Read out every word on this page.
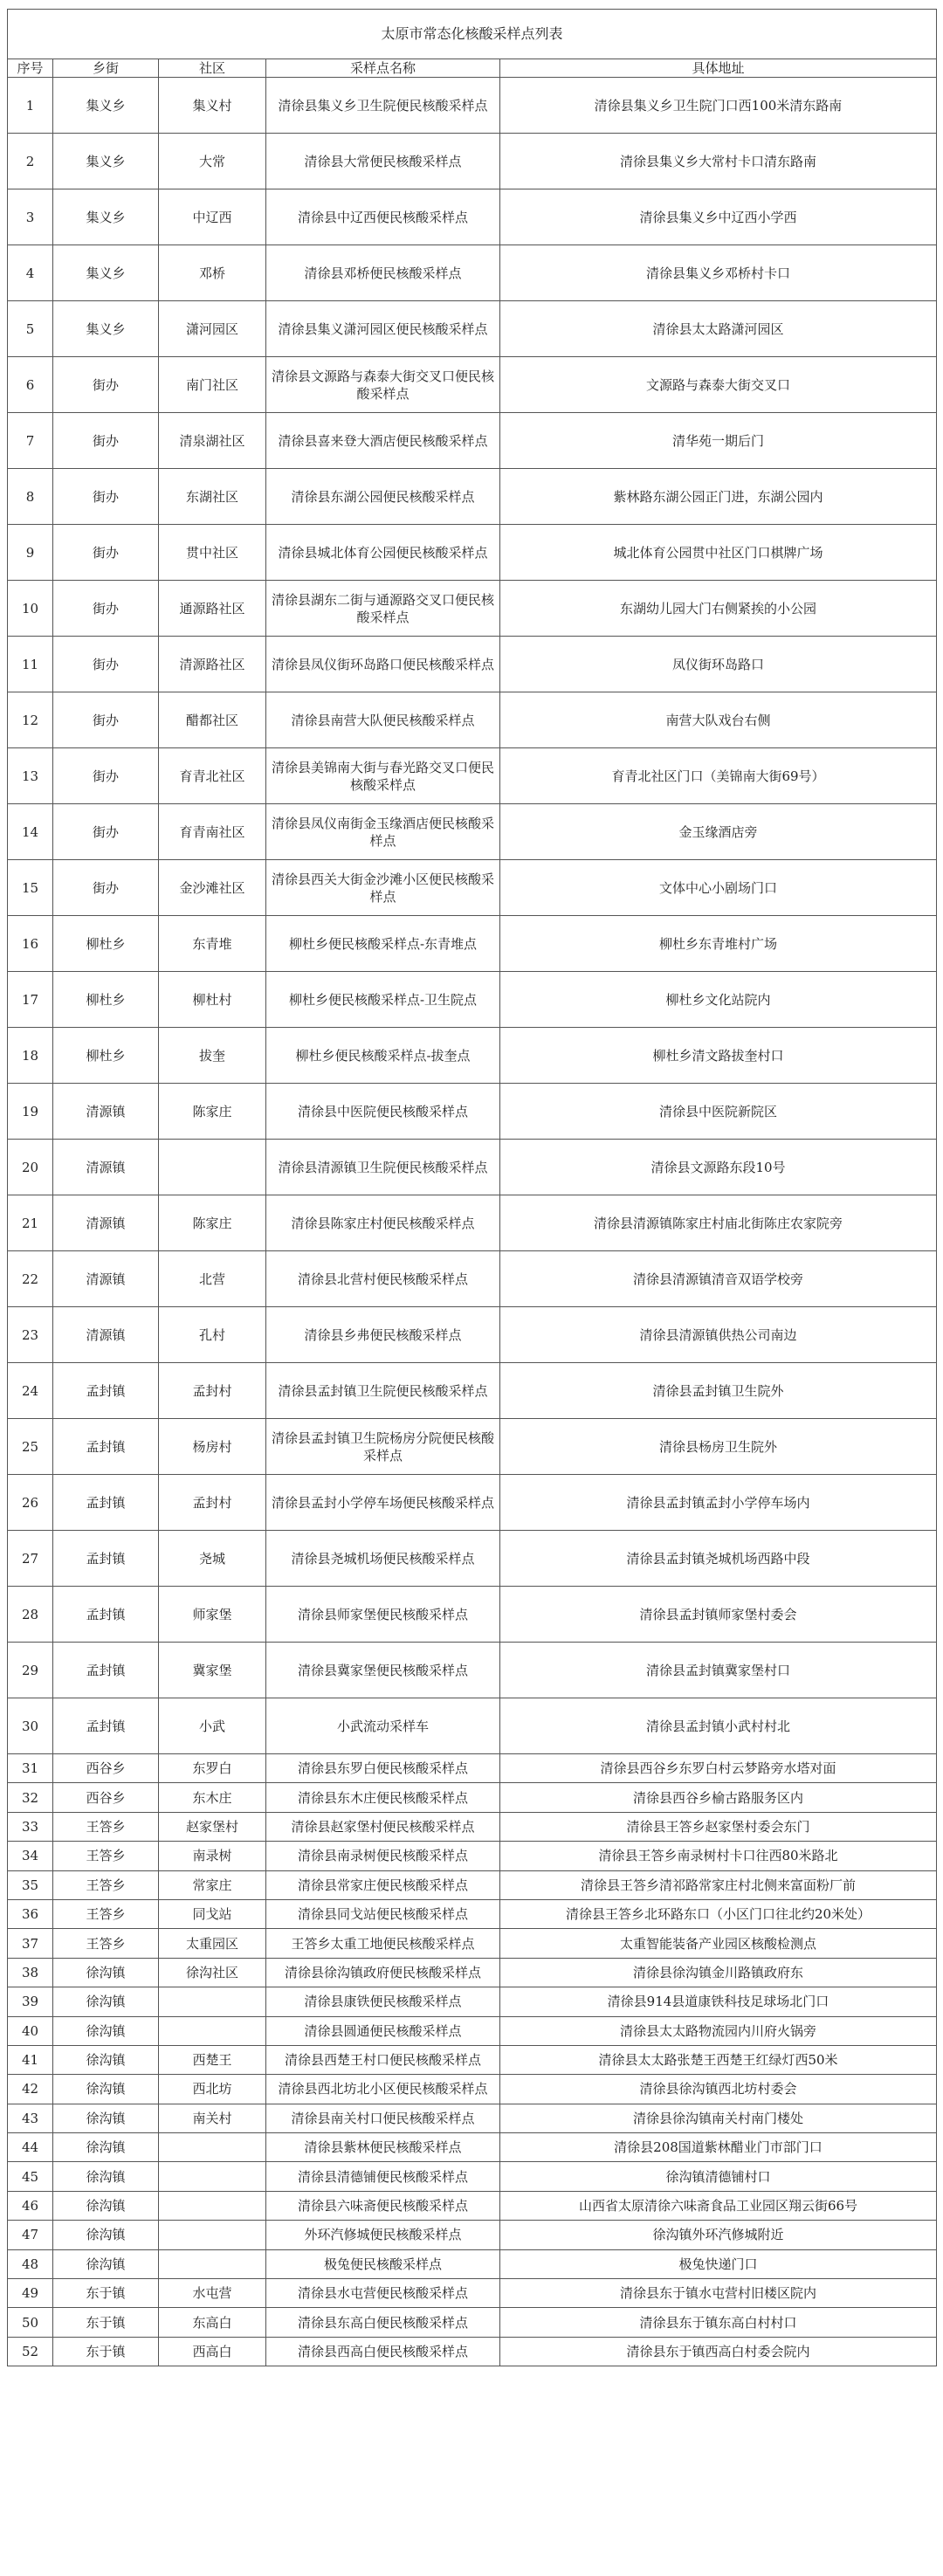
太原市常态化核酸采样点列表				
序号	乡街	社区	采样点名称	具体地址
1	集义乡	集义村	清徐县集义乡卫生院便民核酸采样点	清徐县集义乡卫生院门口西100米清东路南
2	集义乡	大常	清徐县大常便民核酸采样点	清徐县集义乡大常村卡口清东路南
3	集义乡	中辽西	清徐县中辽西便民核酸采样点	清徐县集义乡中辽西小学西
4	集义乡	邓桥	清徐县邓桥便民核酸采样点	清徐县集义乡邓桥村卡口
5	集义乡	潇河园区	清徐县集义潇河园区便民核酸采样点	清徐县太太路潇河园区
6	街办	南门社区	清徐县文源路与森泰大街交叉口便民核酸采样点	文源路与森泰大街交叉口
7	街办	清泉湖社区	清徐县喜来登大酒店便民核酸采样点	清华苑一期后门
8	街办	东湖社区	清徐县东湖公园便民核酸采样点	紫林路东湖公园正门进，东湖公园内
9	街办	贯中社区	清徐县城北体育公园便民核酸采样点	城北体育公园贯中社区门口棋牌广场
10	街办	通源路社区	清徐县湖东二街与通源路交叉口便民核酸采样点	东湖幼儿园大门右侧紧挨的小公园
11	街办	清源路社区	清徐县凤仪街环岛路口便民核酸采样点	凤仪街环岛路口
12	街办	醋都社区	清徐县南营大队便民核酸采样点	南营大队戏台右侧
13	街办	育青北社区	清徐县美锦南大街与春光路交叉口便民核酸采样点	育青北社区门口（美锦南大街69号）
14	街办	育青南社区	清徐县凤仪南街金玉缘酒店便民核酸采样点	金玉缘酒店旁
15	街办	金沙滩社区	清徐县西关大街金沙滩小区便民核酸采样点	文体中心小剧场门口
16	柳杜乡	东青堆	柳杜乡便民核酸采样点-东青堆点	柳杜乡东青堆村广场
17	柳杜乡	柳杜村	柳杜乡便民核酸采样点-卫生院点	柳杜乡文化站院内
18	柳杜乡	拔奎	柳杜乡便民核酸采样点-拔奎点	柳杜乡清文路拔奎村口
19	清源镇	陈家庄	清徐县中医院便民核酸采样点	清徐县中医院新院区
20	清源镇		清徐县清源镇卫生院便民核酸采样点	清徐县文源路东段10号
21	清源镇	陈家庄	清徐县陈家庄村便民核酸采样点	清徐县清源镇陈家庄村庙北街陈庄农家院旁
22	清源镇	北营	清徐县北营村便民核酸采样点	清徐县清源镇清音双语学校旁
23	清源镇	孔村	清徐县乡弗便民核酸采样点	清徐县清源镇供热公司南边
24	孟封镇	孟封村	清徐县孟封镇卫生院便民核酸采样点	清徐县孟封镇卫生院外
25	孟封镇	杨房村	清徐县孟封镇卫生院杨房分院便民核酸采样点	清徐县杨房卫生院外
26	孟封镇	孟封村	清徐县孟封小学停车场便民核酸采样点	清徐县孟封镇孟封小学停车场内
27	孟封镇	尧城	清徐县尧城机场便民核酸采样点	清徐县孟封镇尧城机场西路中段
28	孟封镇	师家堡	清徐县师家堡便民核酸采样点	清徐县孟封镇师家堡村委会
29	孟封镇	冀家堡	清徐县冀家堡便民核酸采样点	清徐县孟封镇冀家堡村口
30	孟封镇	小武	小武流动采样车	清徐县孟封镇小武村村北
31	西谷乡	东罗白	清徐县东罗白便民核酸采样点	清徐县西谷乡东罗白村云梦路旁水塔对面
32	西谷乡	东木庄	清徐县东木庄便民核酸采样点	清徐县西谷乡榆古路服务区内
33	王答乡	赵家堡村	清徐县赵家堡村便民核酸采样点	清徐县王答乡赵家堡村委会东门
34	王答乡	南录树	清徐县南录树便民核酸采样点	清徐县王答乡南录树村卡口往西80米路北
35	王答乡	常家庄	清徐县常家庄便民核酸采样点	清徐县王答乡清祁路常家庄村北侧来富面粉厂前
36	王答乡	同戈站	清徐县同戈站便民核酸采样点	清徐县王答乡北环路东口（小区门口往北约20米处）
37	王答乡	太重园区	王答乡太重工地便民核酸采样点	太重智能装备产业园区核酸检测点
38	徐沟镇	徐沟社区	清徐县徐沟镇政府便民核酸采样点	清徐县徐沟镇金川路镇政府东
39	徐沟镇		清徐县康铁便民核酸采样点	清徐县914县道康铁科技足球场北门口
40	徐沟镇		清徐县圆通便民核酸采样点	清徐县太太路物流园内川府火锅旁
41	徐沟镇	西楚王	清徐县西楚王村口便民核酸采样点	清徐县太太路张楚王西楚王红绿灯西50米
42	徐沟镇	西北坊	清徐县西北坊北小区便民核酸采样点	清徐县徐沟镇西北坊村委会
43	徐沟镇	南关村	清徐县南关村口便民核酸采样点	清徐县徐沟镇南关村南门楼处
44	徐沟镇		清徐县紫林便民核酸采样点	清徐县208国道紫林醋业门市部门口
45	徐沟镇		清徐县清德铺便民核酸采样点	徐沟镇清德铺村口
46	徐沟镇		清徐县六味斋便民核酸采样点	山西省太原清徐六味斋食品工业园区翔云街66号
47	徐沟镇		外环汽修城便民核酸采样点	徐沟镇外环汽修城附近
48	徐沟镇		极兔便民核酸采样点	极兔快递门口
49	东于镇	水屯营	清徐县水屯营便民核酸采样点	清徐县东于镇水屯营村旧楼区院内
50	东于镇	东高白	清徐县东高白便民核酸采样点	清徐县东于镇东高白村村口
52	东于镇	西高白	清徐县西高白便民核酸采样点	清徐县东于镇西高白村委会院内
